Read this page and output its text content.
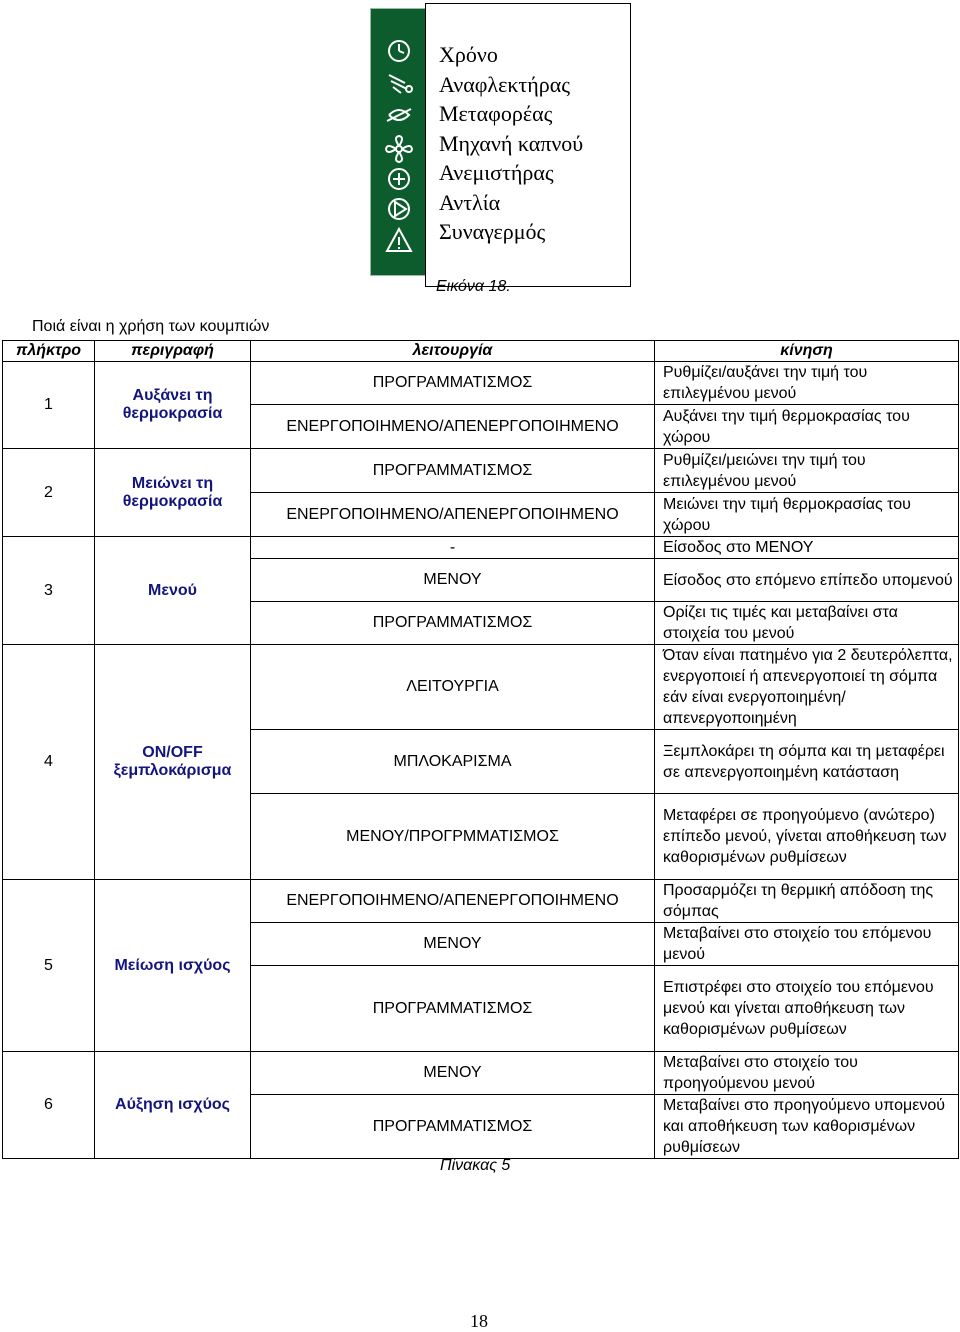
Χρόνο
Αναφλεκτήρας
Μεταφορέας
Μηχανή καπνού
Ανεμιστήρας
Αντλία
Συναγερμός
Εικόνα 18.
Ποιά είναι η χρήση των κουμπιών
πλήκτρο	περιγραφή	λειτουργία	κίνηση
1	Αυξάνει τη θερμοκρασία	ΠΡΟΓΡΑΜΜΑΤΙΣΜΟΣ	Ρυθμίζει/αυξάνει την τιμή του επιλεγμένου μενού
		ΕΝΕΡΓΟΠΟΙΗΜΕΝΟ/ΑΠΕΝΕΡΓΟΠΟΙΗΜΕΝΟ	Αυξάνει την τιμή θερμοκρασίας του χώρου
2	Μειώνει τη θερμοκρασία	ΠΡΟΓΡΑΜΜΑΤΙΣΜΟΣ	Ρυθμίζει/μειώνει την τιμή του επιλεγμένου μενού
		ΕΝΕΡΓΟΠΟΙΗΜΕΝΟ/ΑΠΕΝΕΡΓΟΠΟΙΗΜΕΝΟ	Μειώνει την τιμή θερμοκρασίας του χώρου
3	Μενού	-	Είσοδος στο ΜΕΝΟΥ
		ΜΕΝΟΥ	Είσοδος στο επόμενο επίπεδο υπομενού
		ΠΡΟΓΡΑΜΜΑΤΙΣΜΟΣ	Ορίζει τις τιμές και μεταβαίνει στα στοιχεία του μενού
4	ON/OFF ξεμπλοκάρισμα	ΛΕΙΤΟΥΡΓΙΑ	Όταν είναι πατημένο για 2 δευτερόλεπτα, ενεργοποιεί ή απενεργοποιεί τη σόμπα εάν είναι ενεργοποιημένη/απενεργοποιημένη
		ΜΠΛΟΚΑΡΙΣΜΑ	Ξεμπλοκάρει τη σόμπα και τη μεταφέρει σε απενεργοποιημένη κατάσταση
		ΜΕΝΟΥ/ΠΡΟΓΡΜΜΑΤΙΣΜΟΣ	Μεταφέρει σε προηγούμενο (ανώτερο) επίπεδο μενού, γίνεται αποθήκευση των καθορισμένων ρυθμίσεων
5	Μείωση ισχύος	ΕΝΕΡΓΟΠΟΙΗΜΕΝΟ/ΑΠΕΝΕΡΓΟΠΟΙΗΜΕΝΟ	Προσαρμόζει τη θερμική απόδοση της σόμπας
		ΜΕΝΟΥ	Μεταβαίνει στο στοιχείο του επόμενου μενού
		ΠΡΟΓΡΑΜΜΑΤΙΣΜΟΣ	Επιστρέφει στο στοιχείο του επόμενου μενού και γίνεται αποθήκευση των καθορισμένων ρυθμίσεων
6	Αύξηση ισχύος	ΜΕΝΟΥ	Μεταβαίνει στο στοιχείο του προηγούμενου μενού
		ΠΡΟΓΡΑΜΜΑΤΙΣΜΟΣ	Μεταβαίνει στο προηγούμενο υπομενού και αποθήκευση των καθορισμένων ρυθμίσεων
Πίνακας 5
18
